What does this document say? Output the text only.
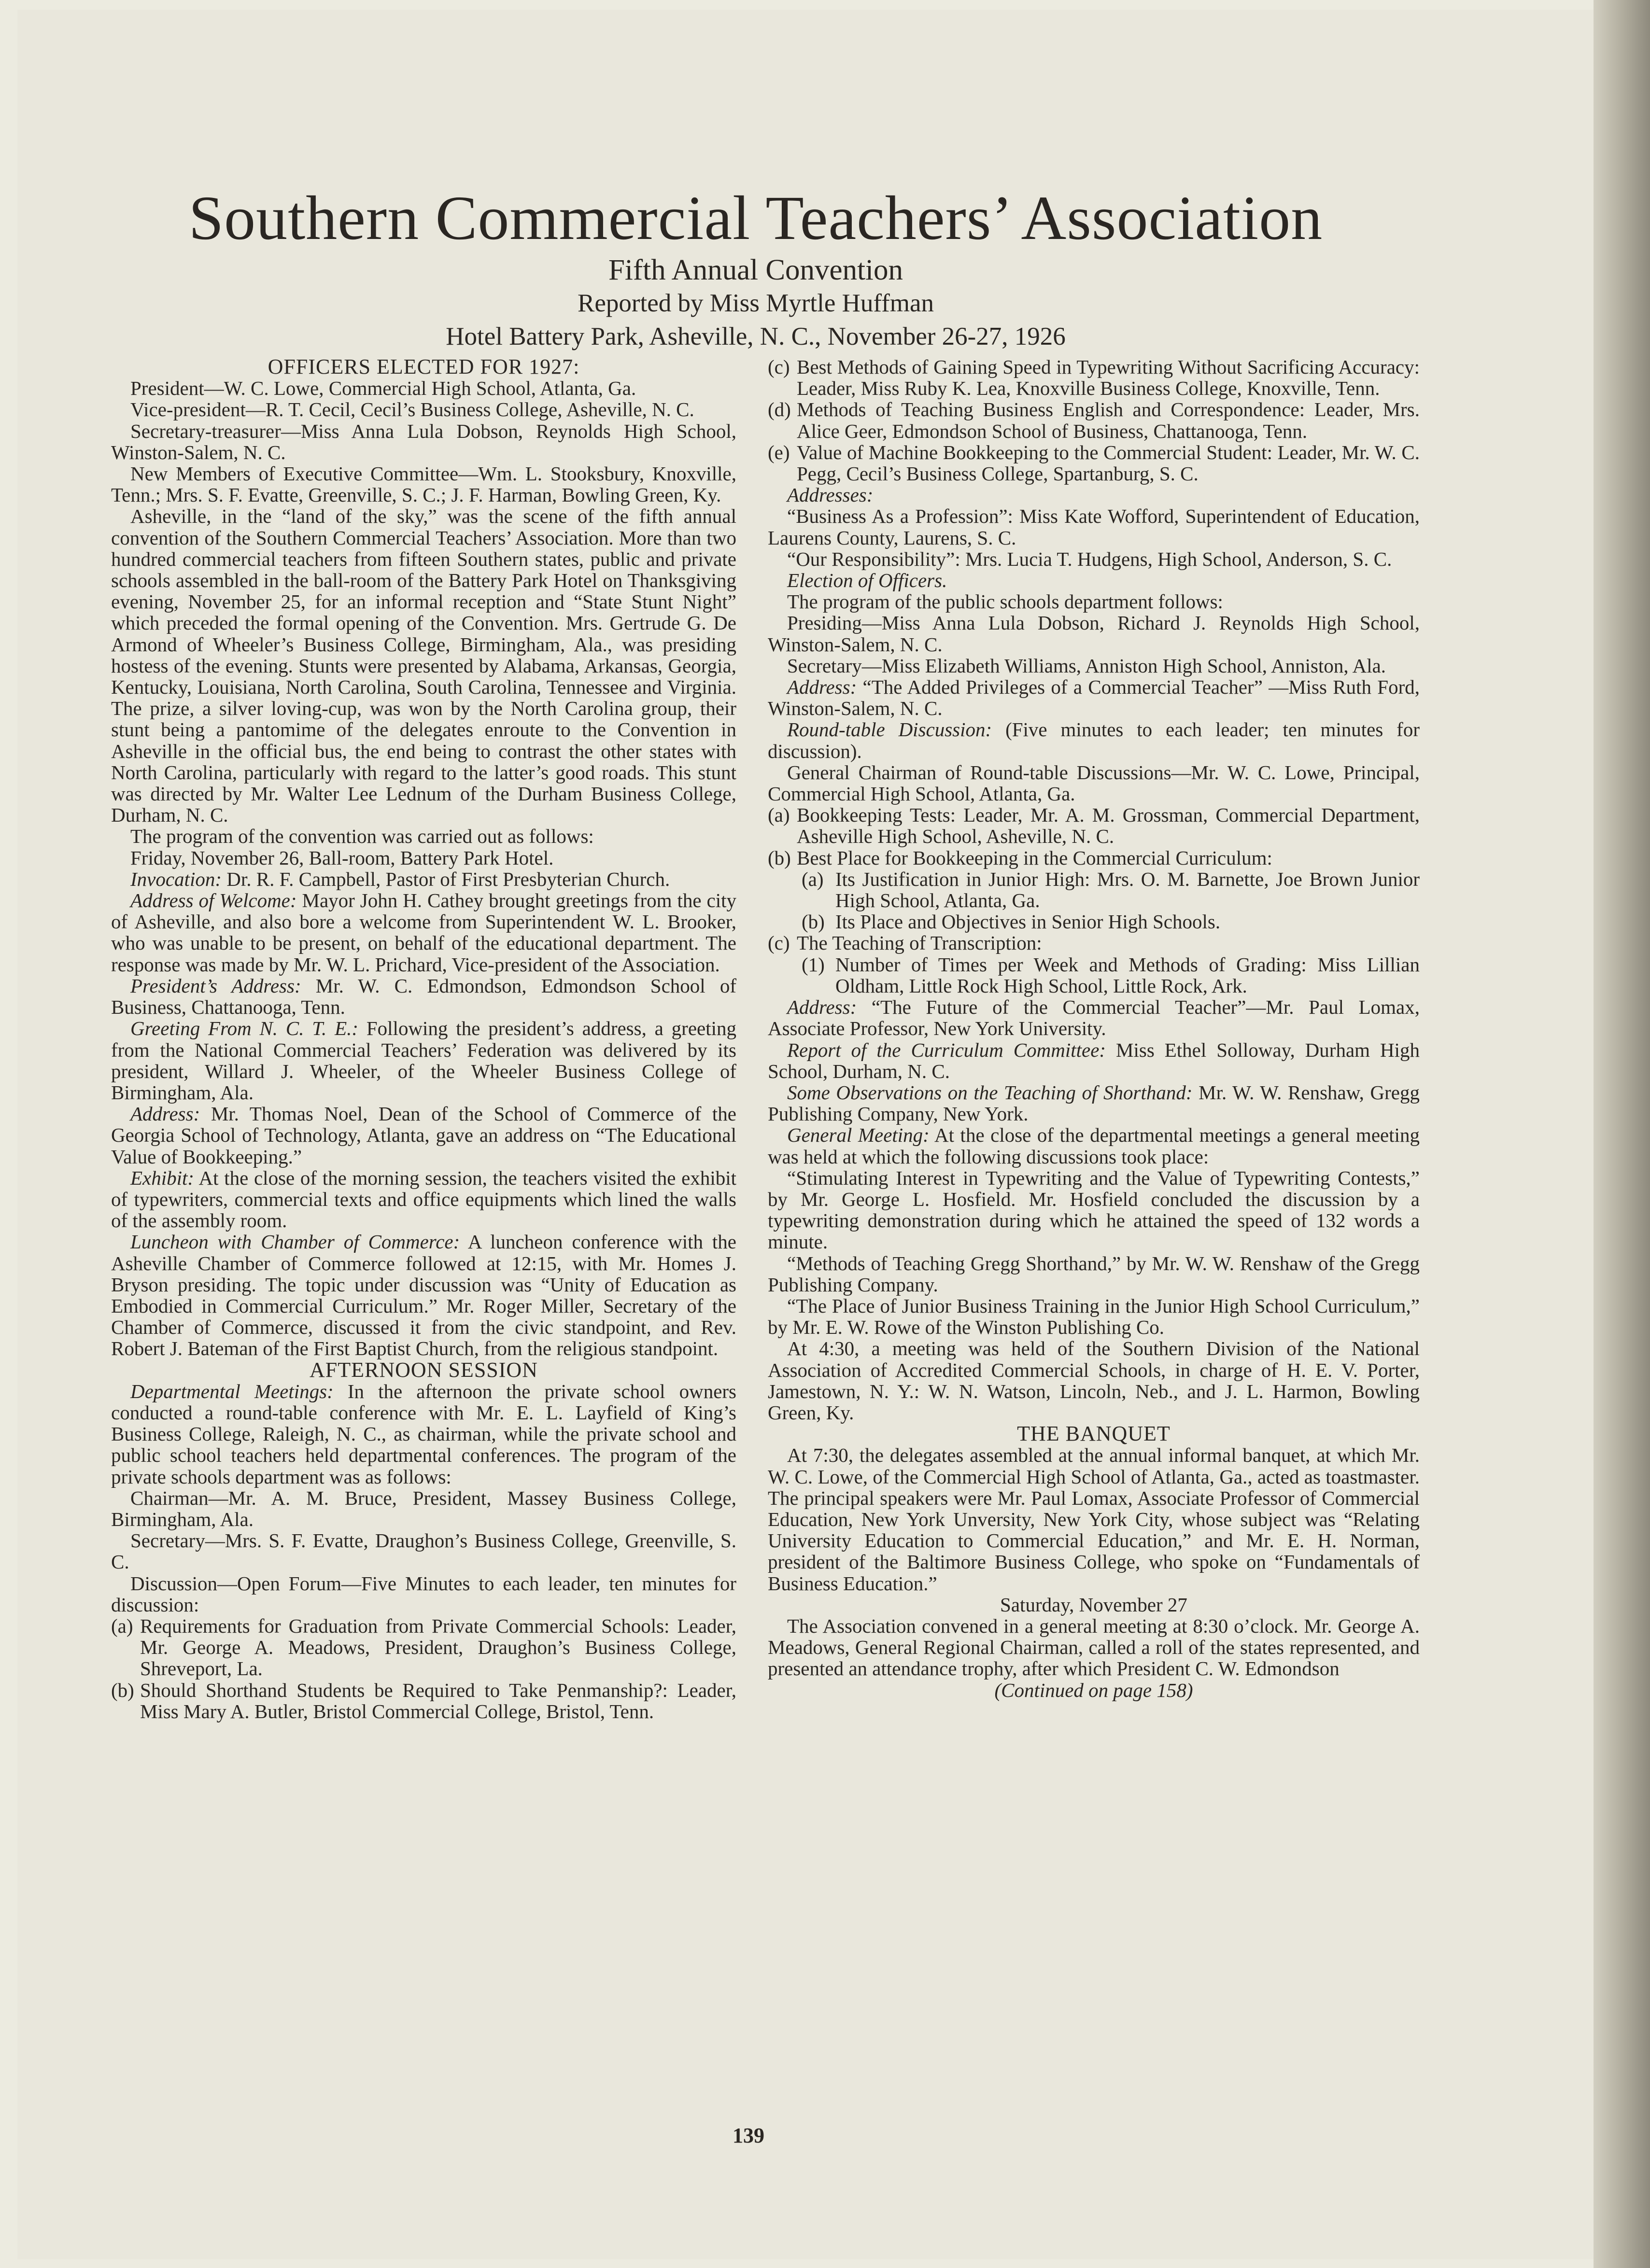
Southern Commercial Teachers’ Association
Fifth Annual Convention
Reported by Miss Myrtle Huffman
Hotel Battery Park, Asheville, N. C., November 26-27, 1926

OFFICERS ELECTED FOR 1927:

President—W. C. Lowe, Commercial High School, Atlanta, Ga.

Vice-president—R. T. Cecil, Cecil’s Business College, Asheville, N. C.

Secretary-treasurer—Miss Anna Lula Dobson, Reynolds High School, Winston-Salem, N. C.

New Members of Executive Committee—Wm. L. Stooksbury, Knoxville, Tenn.; Mrs. S. F. Evatte, Greenville, S. C.; J. F. Harman, Bowling Green, Ky.

Asheville, in the “land of the sky,” was the scene of the fifth annual convention of the Southern Commercial Teachers’ Association. More than two hundred commercial teachers from fifteen Southern states, public and private schools assembled in the ball-room of the Battery Park Hotel on Thanksgiving evening, November 25, for an informal reception and “State Stunt Night” which preceded the formal opening of the Convention. Mrs. Gertrude G. De Armond of Wheeler’s Business College, Birmingham, Ala., was presiding hostess of the evening. Stunts were presented by Alabama, Arkansas, Georgia, Kentucky, Louisiana, North Carolina, South Carolina, Tennessee and Virginia. The prize, a silver loving-cup, was won by the North Carolina group, their stunt being a pantomime of the delegates enroute to the Convention in Asheville in the official bus, the end being to contrast the other states with North Carolina, particularly with regard to the latter’s good roads. This stunt was directed by Mr. Walter Lee Lednum of the Durham Business College, Durham, N. C.

The program of the convention was carried out as follows:

Friday, November 26, Ball-room, Battery Park Hotel.

Invocation: Dr. R. F. Campbell, Pastor of First Presbyterian Church.

Address of Welcome: Mayor John H. Cathey brought greetings from the city of Asheville, and also bore a welcome from Superintendent W. L. Brooker, who was unable to be present, on behalf of the educational department. The response was made by Mr. W. L. Prichard, Vice-president of the Association.

President’s Address: Mr. W. C. Edmondson, Edmondson School of Business, Chattanooga, Tenn.

Greeting From N. C. T. E.: Following the president’s address, a greeting from the National Commercial Teachers’ Federation was delivered by its president, Willard J. Wheeler, of the Wheeler Business College of Birmingham, Ala.

Address: Mr. Thomas Noel, Dean of the School of Commerce of the Georgia School of Technology, Atlanta, gave an address on “The Educational Value of Bookkeeping.”

Exhibit: At the close of the morning session, the teachers visited the exhibit of typewriters, commercial texts and office equipments which lined the walls of the assembly room.

Luncheon with Chamber of Commerce: A luncheon conference with the Asheville Chamber of Commerce followed at 12:15, with Mr. Homes J. Bryson presiding. The topic under discussion was “Unity of Education as Embodied in Commercial Curriculum.” Mr. Roger Miller, Secretary of the Chamber of Commerce, discussed it from the civic standpoint, and Rev. Robert J. Bateman of the First Baptist Church, from the religious standpoint.

AFTERNOON SESSION

Departmental Meetings: In the afternoon the private school owners conducted a round-table conference with Mr. E. L. Layfield of King’s Business College, Raleigh, N. C., as chairman, while the private school and public school teachers held departmental conferences. The program of the private schools department was as follows:

Chairman—Mr. A. M. Bruce, President, Massey Business College, Birmingham, Ala.

Secretary—Mrs. S. F. Evatte, Draughon’s Business College, Greenville, S. C.

Discussion—Open Forum—Five Minutes to each leader, ten minutes for discussion:

(a) Requirements for Graduation from Private Commercial Schools: Leader, Mr. George A. Meadows, President, Draughon’s Business College, Shreveport, La.
(b) Should Shorthand Students be Required to Take Penmanship?: Leader, Miss Mary A. Butler, Bristol Commercial College, Bristol, Tenn.
(c) Best Methods of Gaining Speed in Typewriting Without Sacrificing Accuracy: Leader, Miss Ruby K. Lea, Knoxville Business College, Knoxville, Tenn.
(d) Methods of Teaching Business English and Correspondence: Leader, Mrs. Alice Geer, Edmondson School of Business, Chattanooga, Tenn.
(e) Value of Machine Bookkeeping to the Commercial Student: Leader, Mr. W. C. Pegg, Cecil’s Business College, Spartanburg, S. C.

Addresses:

“Business As a Profession”: Miss Kate Wofford, Superintendent of Education, Laurens County, Laurens, S. C.

“Our Responsibility”: Mrs. Lucia T. Hudgens, High School, Anderson, S. C.

Election of Officers.

The program of the public schools department follows:

Presiding—Miss Anna Lula Dobson, Richard J. Reynolds High School, Winston-Salem, N. C.

Secretary—Miss Elizabeth Williams, Anniston High School, Anniston, Ala.

Address: “The Added Privileges of a Commercial Teacher” —Miss Ruth Ford, Winston-Salem, N. C.

Round-table Discussion: (Five minutes to each leader; ten minutes for discussion).

General Chairman of Round-table Discussions—Mr. W. C. Lowe, Principal, Commercial High School, Atlanta, Ga.

(a) Bookkeeping Tests: Leader, Mr. A. M. Grossman, Commercial Department, Asheville High School, Asheville, N. C.
(b) Best Place for Bookkeeping in the Commercial Curriculum:
(a) Its Justification in Junior High: Mrs. O. M. Barnette, Joe Brown Junior High School, Atlanta, Ga.
(b) Its Place and Objectives in Senior High Schools.
(c) The Teaching of Transcription:
(1) Number of Times per Week and Methods of Grading: Miss Lillian Oldham, Little Rock High School, Little Rock, Ark.

Address: “The Future of the Commercial Teacher”—Mr. Paul Lomax, Associate Professor, New York University.

Report of the Curriculum Committee: Miss Ethel Solloway, Durham High School, Durham, N. C.

Some Observations on the Teaching of Shorthand: Mr. W. W. Renshaw, Gregg Publishing Company, New York.

General Meeting: At the close of the departmental meetings a general meeting was held at which the following discussions took place:

“Stimulating Interest in Typewriting and the Value of Typewriting Contests,” by Mr. George L. Hosfield. Mr. Hosfield concluded the discussion by a typewriting demonstration during which he attained the speed of 132 words a minute.

“Methods of Teaching Gregg Shorthand,” by Mr. W. W. Renshaw of the Gregg Publishing Company.

“The Place of Junior Business Training in the Junior High School Curriculum,” by Mr. E. W. Rowe of the Winston Publishing Co.

At 4:30, a meeting was held of the Southern Division of the National Association of Accredited Commercial Schools, in charge of H. E. V. Porter, Jamestown, N. Y.: W. N. Watson, Lincoln, Neb., and J. L. Harmon, Bowling Green, Ky.

THE BANQUET

At 7:30, the delegates assembled at the annual informal banquet, at which Mr. W. C. Lowe, of the Commercial High School of Atlanta, Ga., acted as toastmaster. The principal speakers were Mr. Paul Lomax, Associate Professor of Commercial Education, New York Unversity, New York City, whose subject was “Relating University Education to Commercial Education,” and Mr. E. H. Norman, president of the Baltimore Business College, who spoke on “Fundamentals of Business Education.”

Saturday, November 27

The Association convened in a general meeting at 8:30 o’clock. Mr. George A. Meadows, General Regional Chairman, called a roll of the states represented, and presented an attendance trophy, after which President C. W. Edmondson

(Continued on page 158)

139
